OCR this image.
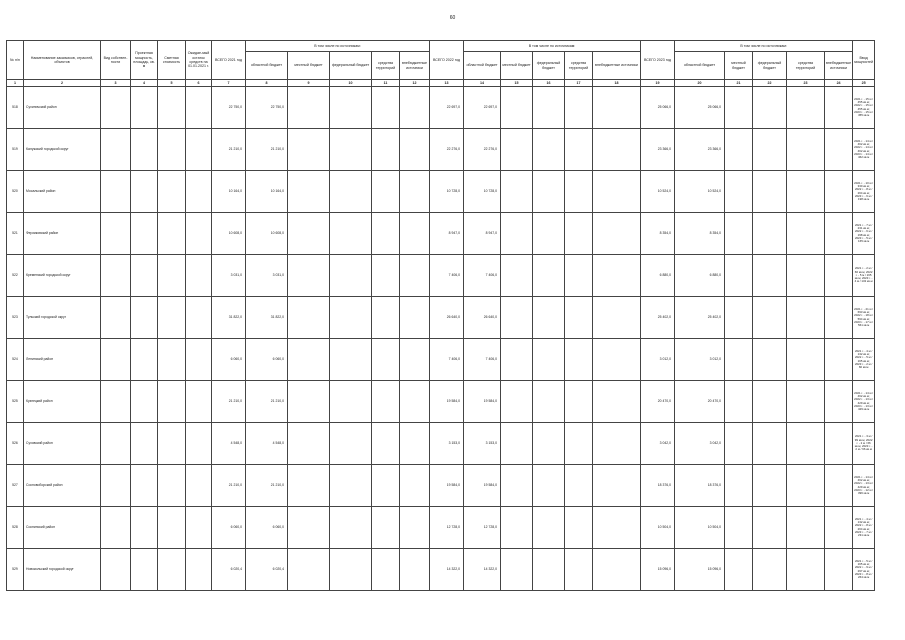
60
№ п/п	Наименование заказчиков, отраслей, объектов	Вид собствен-ности	Проектная мощность, площадь, кв. м	Сметная стоимость	Ожидае-мый остаток средств на 01.01.2021 г.	ВСЕГО 2021 год	В том числе по источникам:					ВСЕГО 2022 год	В том числе по источникам:					ВСЕГО 2023 год	В том числе по источникам:					Ввод мощностей
							областной бюджет	местный бюджет	федеральный бюджет	средства территорий	внебюджетные источники		областной бюджет	местный бюджет	федеральный бюджет	средства территорий	внебюджетные источники		областной бюджет	местный бюджет	федеральный бюджет	средства территорий	внебюджетные источники	
1	2	3	4	5	6	7	8	9	10	11	12	13	14	15	16	17	18	19	20	21	22	23	24	25
518	Сухиничский район					22 750,0	22 750,0					22 697,0	22 697,0					25 066,0	25 066,0					2021 г. - 15 м / 455 кв.м; 2022 г. - 15 м / 455 кв.м; 2023 г. - 15 м / 455 кв.м
519	Калужский городской округ					21 210,0	21 210,0					22 276,0	22 276,0					23 366,0	23 366,0					2021 г. - 14 м / 462 кв.м; 2022 г. - 14 м / 462 кв.м; 2023 г. - 14 м / 462 кв.м
520	Мосальский район					10 164,0	10 164,0					10 728,0	10 728,0					10 524,0	10 524,0					2021 г. - 10 м / 330 кв.м; 2022 г. - 8 м / 264 кв.м; 2023 г. - 6 м / 198 кв.м
521	Ферзиковский район					10 608,0	10 608,0					8 947,0	8 947,0					8 354,0	8 354,0					2021 г. - 7 м / 231 кв.м; 2022 г. - 6 м / 198 кв.м; 2023 г. - 5 м / 165 кв.м
522	Кременский городской округ					3 031,0	3 031,0					7 406,0	7 406,0					6 880,0	6 880,0					2021 г. - 2 м / 66 кв.м; 2022 г. - 5 м / 165 кв.м; 2023 г. - 4 м / 132 кв.м
523	Тульский городской округ					31 822,0	31 822,0					26 640,0	26 640,0					25 402,0	25 402,0					2021 г. - 21 м / 693 кв.м; 2022 г. - 18 м / 594 кв.м; 2023 г. - 17 м / 561 кв.м
524	Ленинский район					6 060,0	6 060,0					7 406,0	7 406,0					3 012,0	3 012,0					2021 г. - 4 м / 132 кв.м; 2022 г. - 5 м / 165 кв.м; 2023 г. - 2 м / 66 кв.м
525	Кузнецкий район					21 210,0	21 210,0					19 584,0	19 584,0					20 470,0	20 470,0					2021 г. - 14 м / 462 кв.м; 2022 г. - 13 м / 429 кв.м; 2023 г. - 13 м / 429 кв.м
526	Суховский район					4 548,0	4 548,0					3 153,0	3 153,0					3 042,0	3 042,0					2021 г. - 3 м / 99 кв.м; 2022 г. - 2 м / 66 кв.м; 2023 г. - 2 м / 66 кв.м
527	Сосновоборский район					21 210,0	21 210,0					19 584,0	19 584,0					18 376,0	18 376,0					2021 г. - 14 м / 462 кв.м; 2022 г. - 13 м / 429 кв.м; 2023 г. - 12 м / 396 кв.м
528	Соснинский район					6 060,0	6 060,0					12 728,0	12 728,0					10 504,0	10 504,0					2021 г. - 4 м / 132 кв.м; 2022 г. - 8 м / 264 кв.м; 2023 г. - 7 м / 231 кв.м
529	Новокольский городской округ					6 020,4	6 020,4					14 322,0	14 322,0					15 096,0	15 096,0					2021 г. - 5 м / 165 кв.м; 2022 г. - 9 м / 297 кв.м; 2023 г. - 8 м / 264 кв.м
